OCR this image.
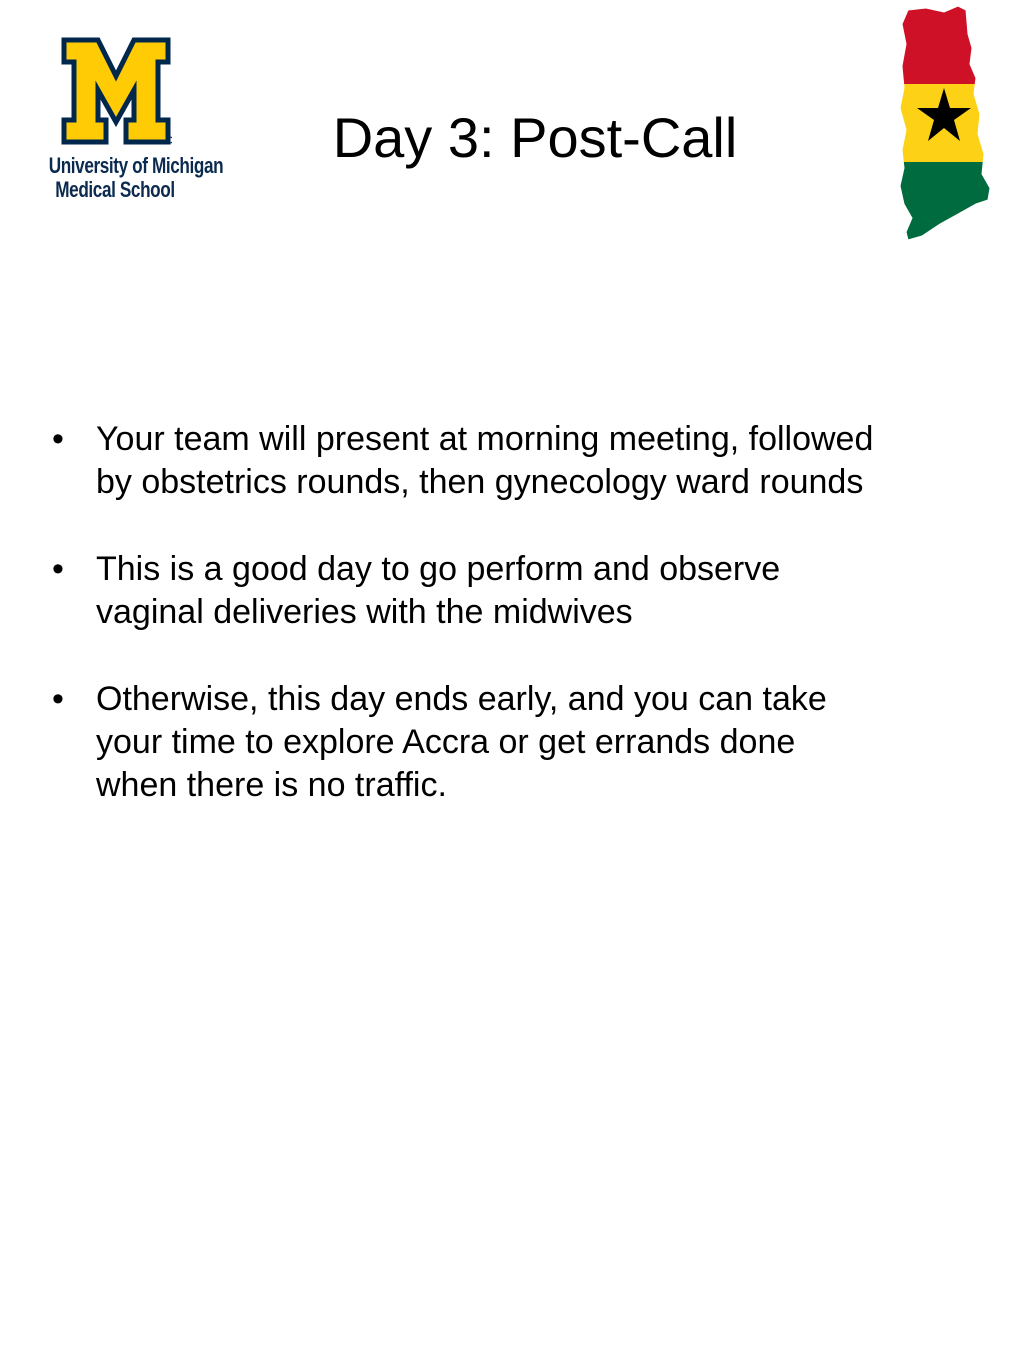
University of Michigan
Medical School
Day 3: Post-Call
• Your team will present at morning meeting, followed
by obstetrics rounds, then gynecology ward rounds
• This is a good day to go perform and observe
vaginal deliveries with the midwives
• Otherwise, this day ends early, and you can take
your time to explore Accra or get errands done
when there is no traffic.
